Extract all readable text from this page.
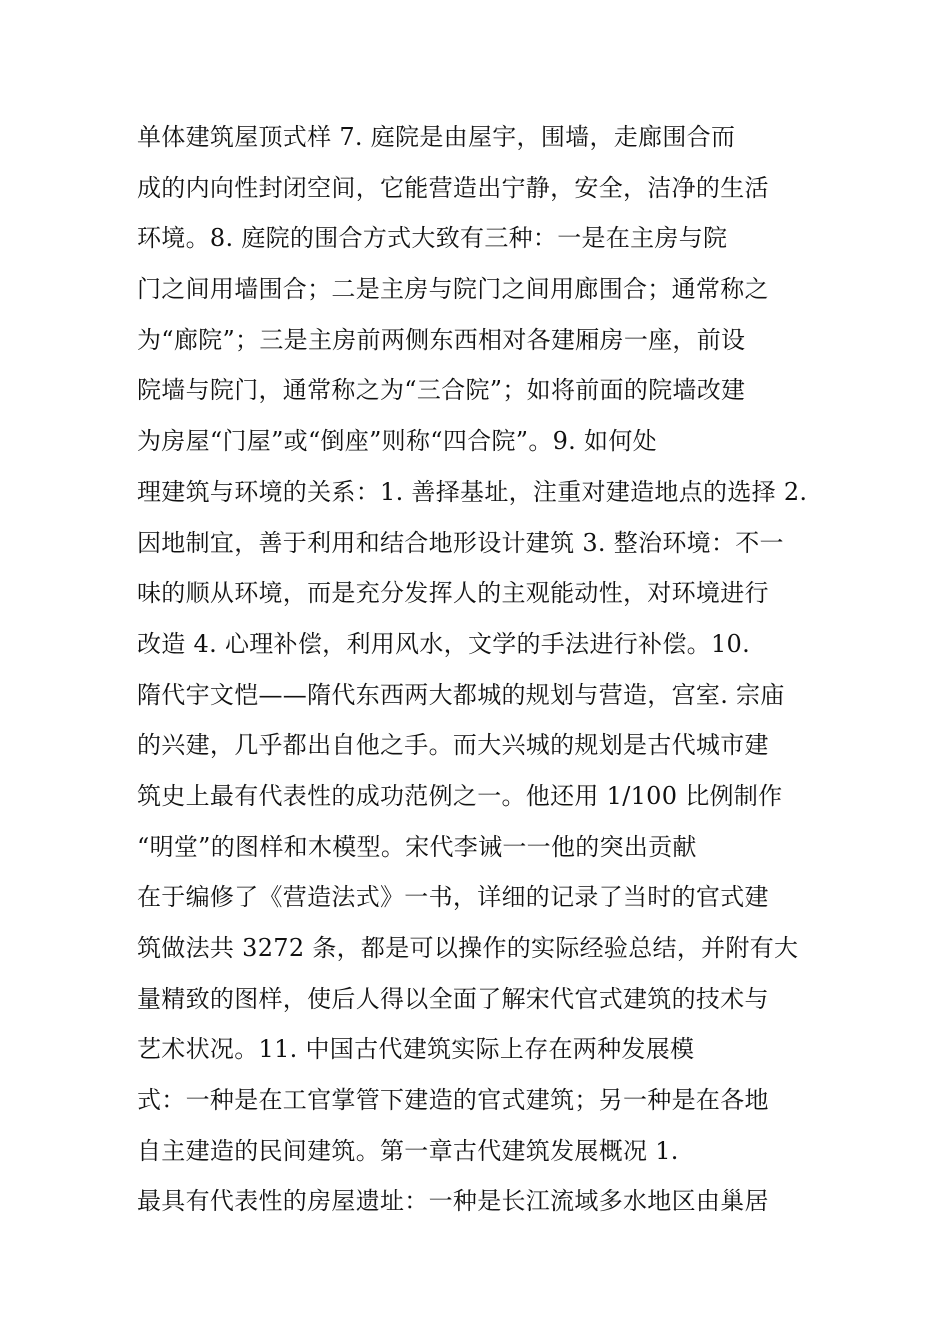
单体建筑屋顶式样 7. 庭院是由屋宇，围墙，走廊围合而
成的内向性封闭空间，它能营造出宁静，安全，洁净的生活
环境。8. 庭院的围合方式大致有三种：一是在主房与院
门之间用墙围合；二是主房与院门之间用廊围合；通常称之
为“廊院”；三是主房前两侧东西相对各建厢房一座，前设
院墙与院门，通常称之为“三合院”；如将前面的院墙改建
为房屋“门屋”或“倒座”则称“四合院”。9. 如何处
理建筑与环境的关系：1. 善择基址，注重对建造地点的选择 2.
因地制宜，善于利用和结合地形设计建筑 3. 整治环境：不一
味的顺从环境，而是充分发挥人的主观能动性，对环境进行
改造 4. 心理补偿，利用风水，文学的手法进行补偿。10.
隋代宇文恺——隋代东西两大都城的规划与营造，宫室. 宗庙
的兴建，几乎都出自他之手。而大兴城的规划是古代城市建
筑史上最有代表性的成功范例之一。他还用 1/100 比例制作
“明堂”的图样和木模型。宋代李诫一一他的突出贡献
在于编修了《营造法式》一书，详细的记录了当时的官式建
筑做法共 3272 条，都是可以操作的实际经验总结，并附有大
量精致的图样，使后人得以全面了解宋代官式建筑的技术与
艺术状况。11. 中国古代建筑实际上存在两种发展模
式：一种是在工官掌管下建造的官式建筑；另一种是在各地
自主建造的民间建筑。第一章古代建筑发展概况 1.
最具有代表性的房屋遗址：一种是长江流域多水地区由巢居
